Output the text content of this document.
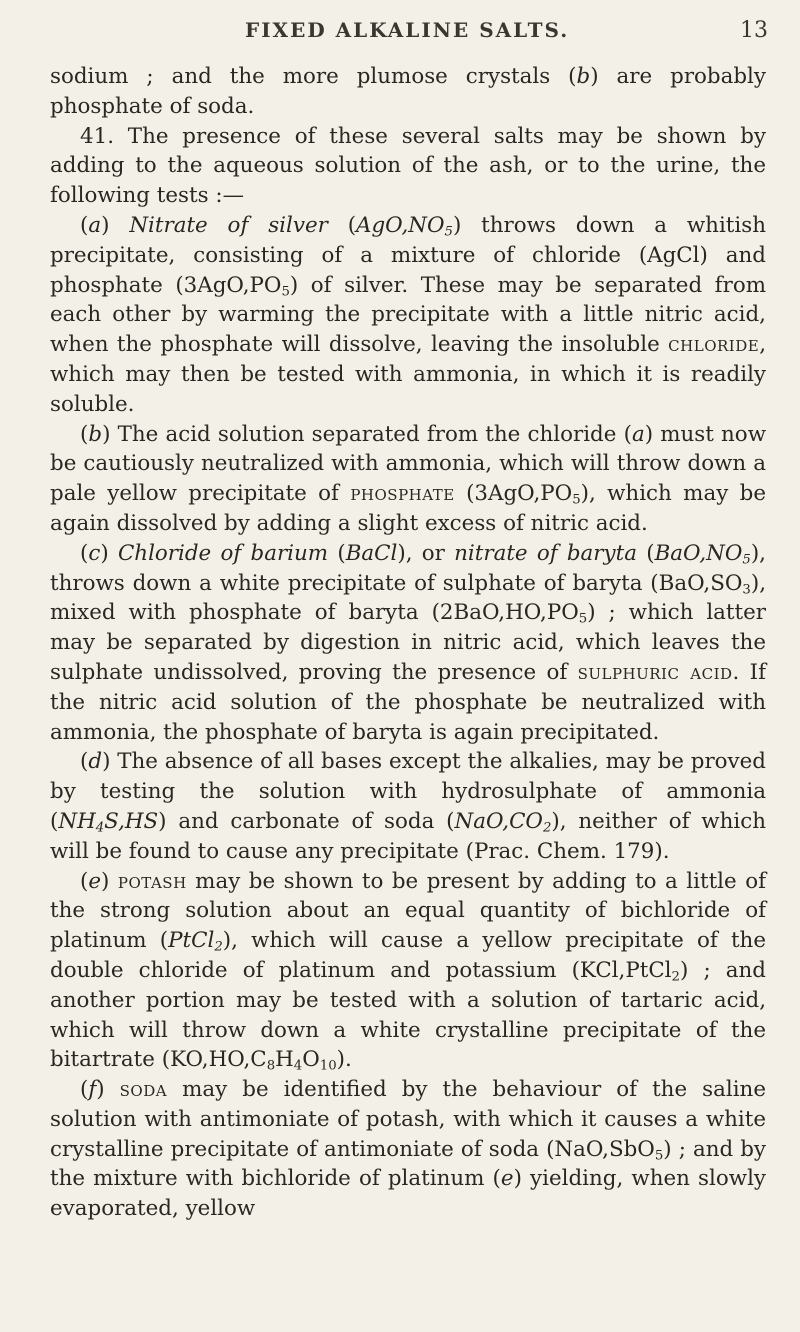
FIXED ALKALINE SALTS.	13

sodium ; and the more plumose crystals (b) are probably phosphate of soda.

41. The presence of these several salts may be shown by adding to the aqueous solution of the ash, or to the urine, the following tests :—

(a) Nitrate of silver $(AgO,NO_5)$ throws down a whitish precipitate, consisting of a mixture of chloride (AgCl) and phosphate $(3AgO,PO_5)$ of silver. These may be separated from each other by warming the precipitate with a little nitric acid, when the phosphate will dissolve, leaving the insoluble chloride, which may then be tested with ammonia, in which it is readily soluble.

(b) The acid solution separated from the chloride (a) must now be cautiously neutralized with ammonia, which will throw down a pale yellow precipitate of phosphate $(3AgO,PO_5)$, which may be again dissolved by adding a slight excess of nitric acid.

(c) Chloride of barium (BaCl), or nitrate of baryta $(BaO,NO_5)$, throws down a white precipitate of sulphate of baryta $(BaO,SO_3)$, mixed with phosphate of baryta $(2BaO,HO,PO_5)$ ; which latter may be separated by digestion in nitric acid, which leaves the sulphate undissolved, proving the presence of sulphuric acid. If the nitric acid solution of the phosphate be neutralized with ammonia, the phosphate of baryta is again precipitated.

(d) The absence of all bases except the alkalies, may be proved by testing the solution with hydrosulphate of ammonia $(NH_4S,HS)$ and carbonate of soda $(NaO,CO_2)$, neither of which will be found to cause any precipitate (Prac. Chem. 179).

(e) potash may be shown to be present by adding to a little of the strong solution about an equal quantity of bichloride of platinum (PtCl$_2$), which will cause a yellow precipitate of the double chloride of platinum and potassium (KCl,PtCl$_2$) ; and another portion may be tested with a solution of tartaric acid, which will throw down a white crystalline precipitate of the bitartrate $(KO,HO,C_8H_4O_{10})$.

(f) soda may be identified by the behaviour of the saline solution with antimoniate of potash, with which it causes a white crystalline precipitate of antimoniate of soda (NaO,SbO$_5$) ; and by the mixture with bichloride of platinum (e) yielding, when slowly evaporated, yellow
